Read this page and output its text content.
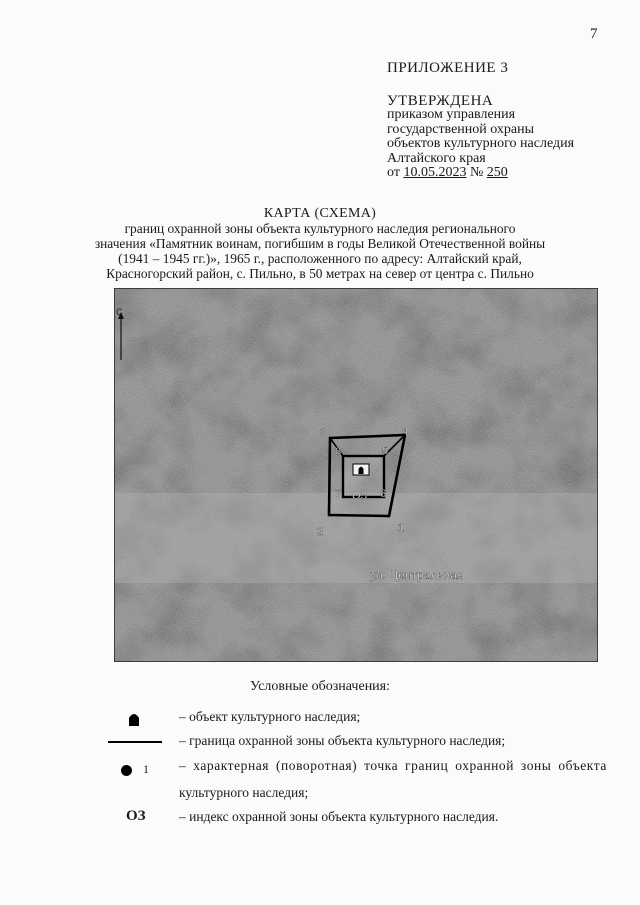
7
ПРИЛОЖЕНИЕ 3
УТВЕРЖДЕНА
приказом управления
государственной охраны
объектов культурного наследия
Алтайского края
от 10.05.2023 № 250
КАРТА (СХЕМА)
границ охранной зоны объекта культурного наследия регионального
значения «Памятник воинам, погибшим в годы Великой Отечественной войны
(1941 – 1945 гг.)», 1965 г., расположенного по адресу: Алтайский край,
Красногорский район, с. Пильно, в 50 метрах на север от центра с. Пильно
С
1
2
3	4
5
6
7
8
ОЗ
ул. Центральная
Условные обозначения:
– объект культурного наследия;
– граница охранной зоны объекта культурного наследия;
1 – характерная (поворотная) точка границ охранной зоны объекта
культурного наследия;
ОЗ – индекс охранной зоны объекта культурного наследия.
